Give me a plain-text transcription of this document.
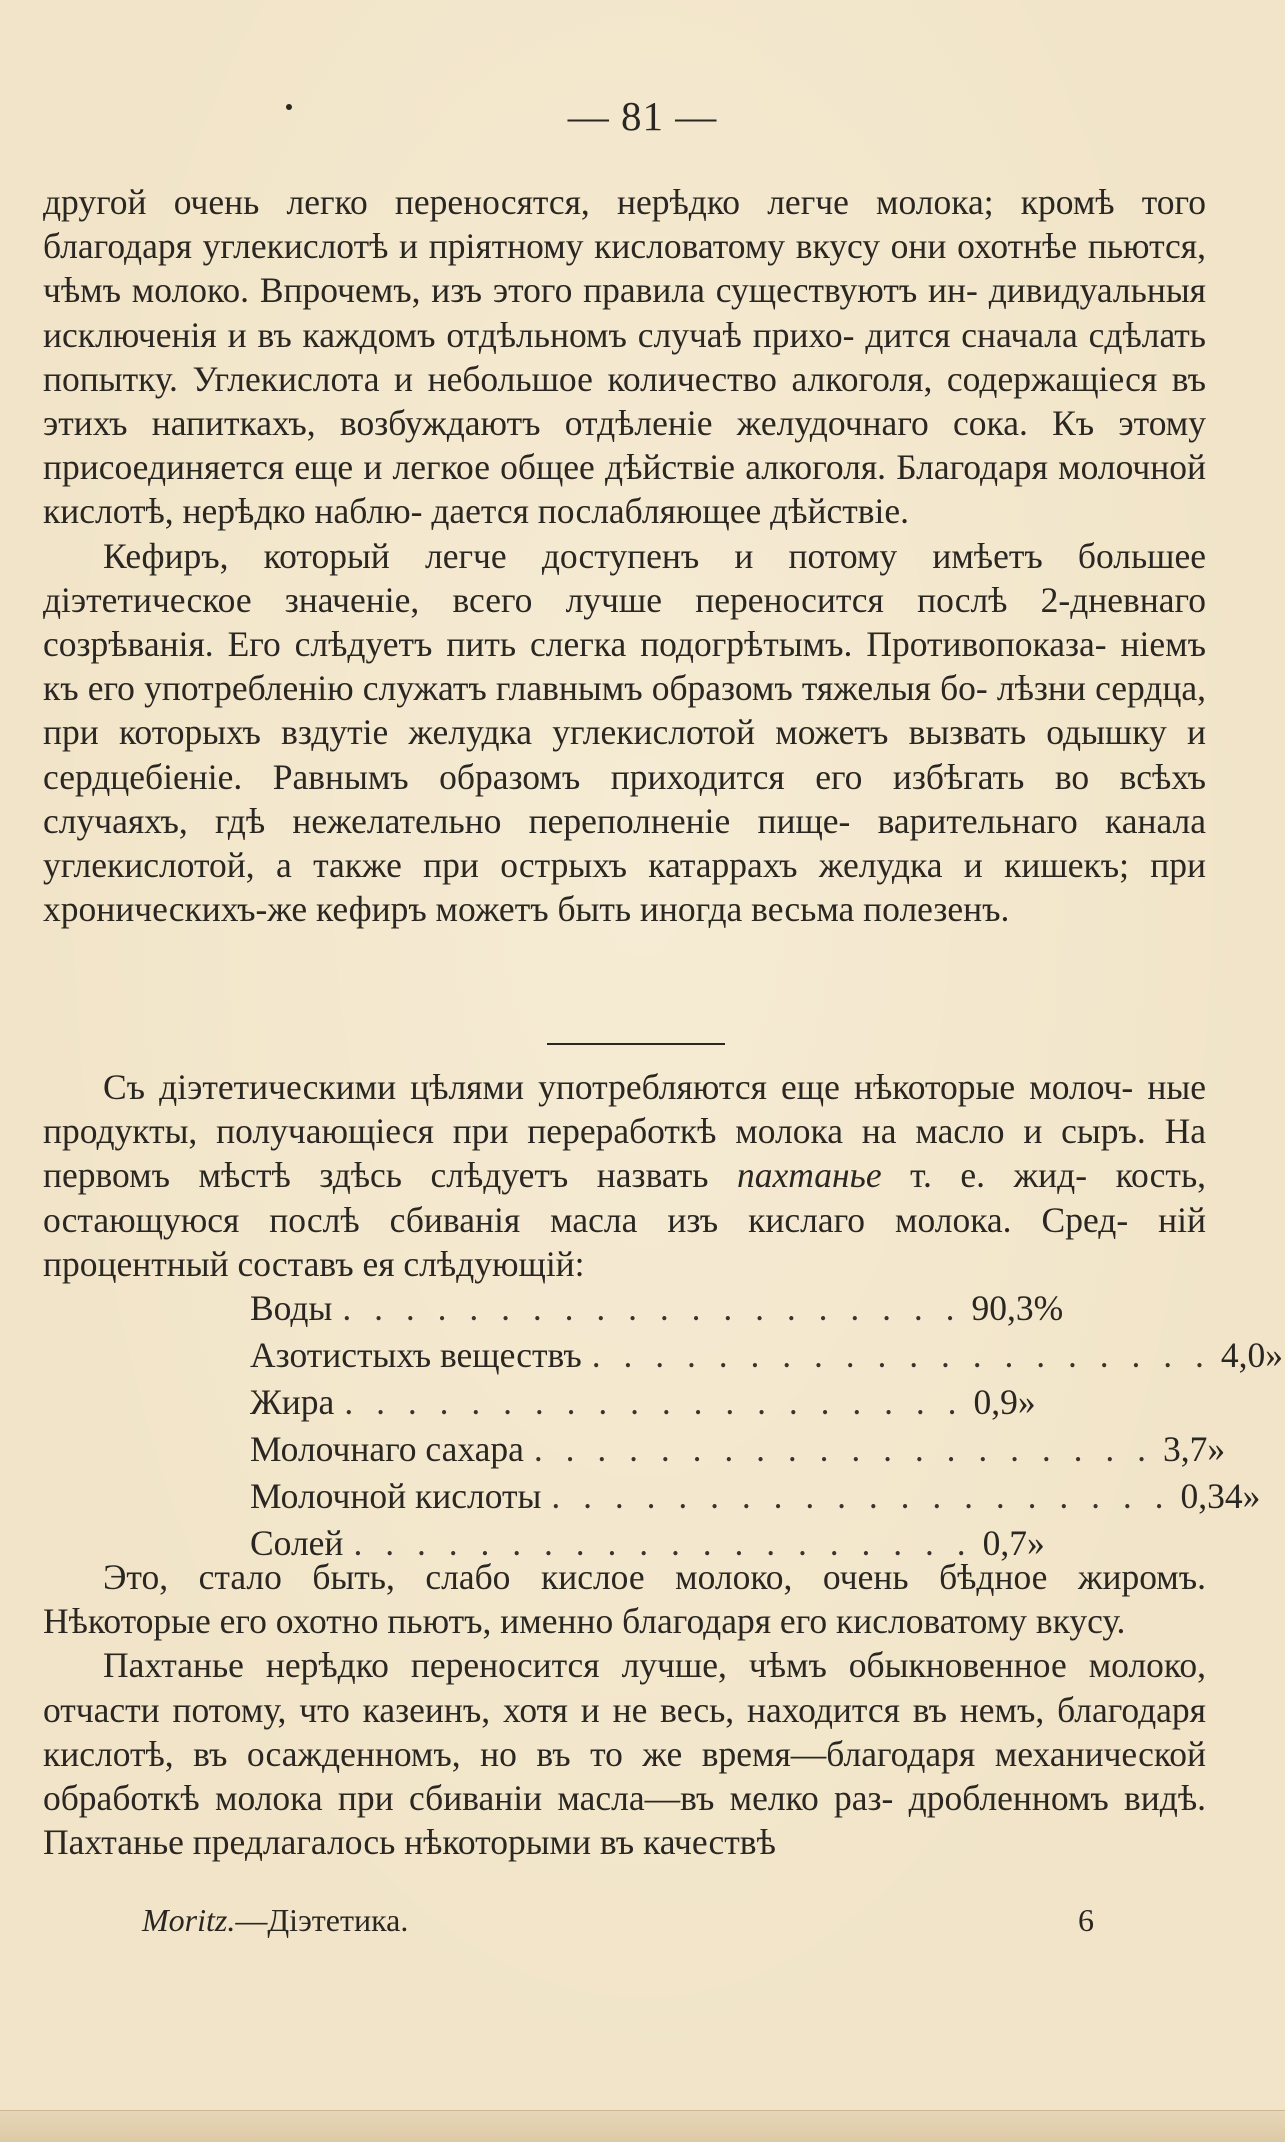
— 81 —

другой очень легко переносятся, нерѣдко легче молока; кромѣ того благодаря углекислотѣ и пріятному кисловатому вкусу они охотнѣе пьются, чѣмъ молоко. Впрочемъ, изъ этого правила существуютъ ин- дивидуальныя исключенія и въ каждомъ отдѣльномъ случаѣ прихо- дится сначала сдѣлать попытку. Углекислота и небольшое количество алкоголя, содержащіеся въ этихъ напиткахъ, возбуждаютъ отдѣленіе желудочнаго сока. Къ этому присоединяется еще и легкое общее дѣйствіе алкоголя. Благодаря молочной кислотѣ, нерѣдко наблю- дается послабляющее дѣйствіе.

Кефиръ, который легче доступенъ и потому имѣетъ большее діэтетическое значеніе, всего лучше переносится послѣ 2-дневнаго созрѣванія. Его слѣдуетъ пить слегка подогрѣтымъ. Противопоказа- ніемъ къ его употребленію служатъ главнымъ образомъ тяжелыя бо- лѣзни сердца, при которыхъ вздутіе желудка углекислотой можетъ вызвать одышку и сердцебіеніе. Равнымъ образомъ приходится его избѣгать во всѣхъ случаяхъ, гдѣ нежелательно переполненіе пище- варительнаго канала углекислотой, а также при острыхъ катаррахъ желудка и кишекъ; при хроническихъ-же кефиръ можетъ быть иногда весьма полезенъ.

Съ діэтетическими цѣлями употребляются еще нѣкоторые молоч- ные продукты, получающіеся при переработкѣ молока на масло и сыръ. На первомъ мѣстѣ здѣсь слѣдуетъ назвать пахтанье т. е. жид- кость, остающуюся послѣ сбиванія масла изъ кислаго молока. Сред- ній процентный составъ ея слѣдующій:

Воды . . . . . . . . . . . . . . . . . . . . 90,3%
Азотистыхъ веществъ . . . . . . . . . . . . . . . . . . . . 4,0 »
Жира . . . . . . . . . . . . . . . . . . . . 0,9 »
Молочнаго сахара . . . . . . . . . . . . . . . . . . . . 3,7 »
Молочной кислоты . . . . . . . . . . . . . . . . . . . . 0,34 »
Солей . . . . . . . . . . . . . . . . . . . . 0,7 »

Это, стало быть, слабо кислое молоко, очень бѣдное жиромъ. Нѣкоторые его охотно пьютъ, именно благодаря его кисловатому вкусу.

Пахтанье нерѣдко переносится лучше, чѣмъ обыкновенное молоко, отчасти потому, что казеинъ, хотя и не весь, находится въ немъ, благодаря кислотѣ, въ осажденномъ, но въ то же время—благодаря механической обработкѣ молока при сбиваніи масла—въ мелко раз- дробленномъ видѣ. Пахтанье предлагалось нѣкоторыми въ качествѣ

Moritz.—Діэтетика.	6
